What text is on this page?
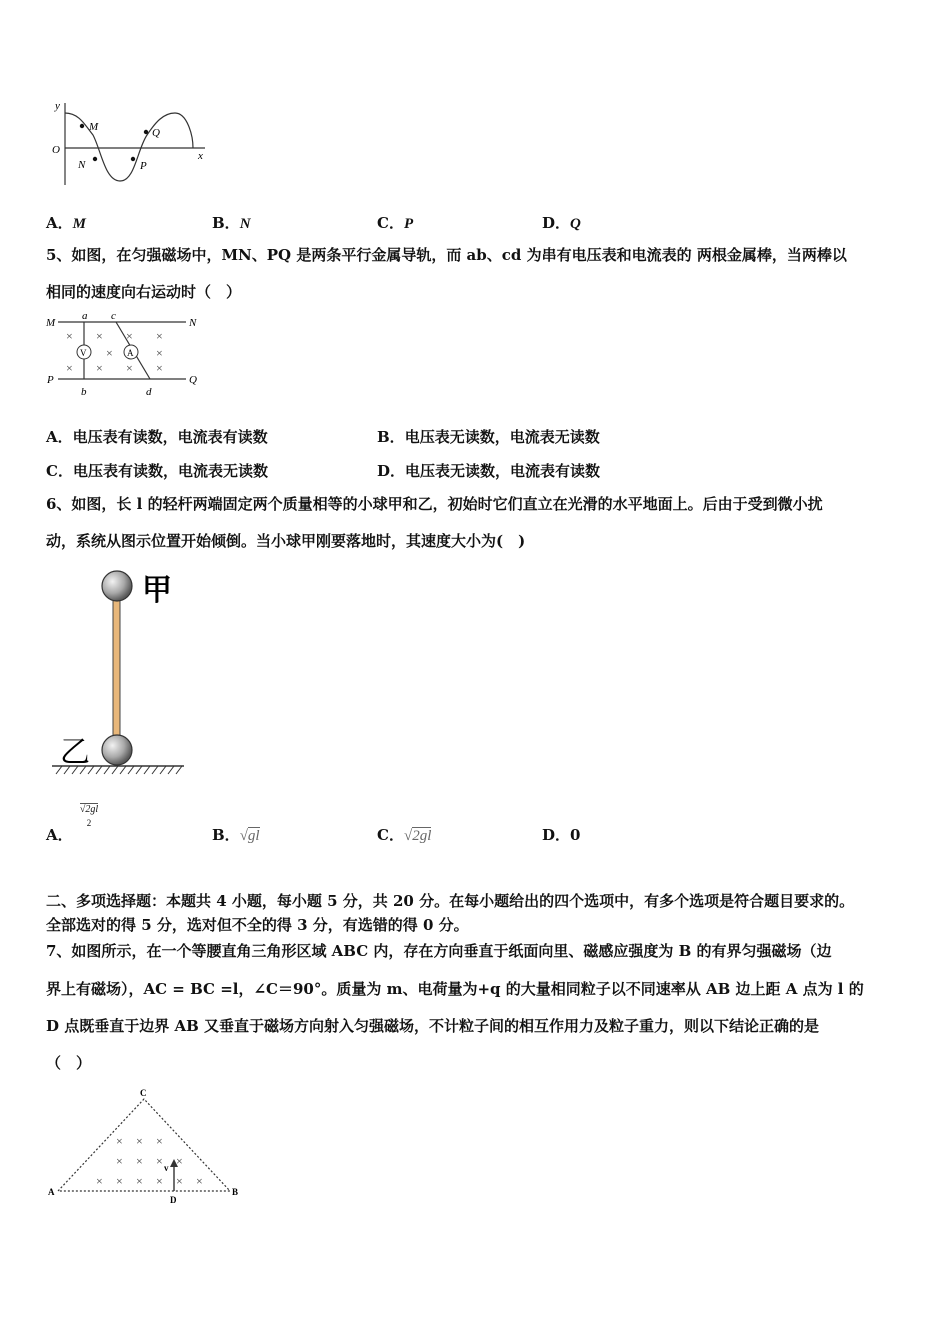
y
O	x
M
N	P
Q
A．M	B．N	C．P	D．Q
5、如图，在匀强磁场中，MN、PQ 是两条平行金属导轨，而 ab、cd 为串有电压表和电流表的 两根金属棒，当两棒以
相同的速度向右运动时（　）
V	A
× × × ×
×	×
× × × ×
M	N
P	Q
a c
b	d
A．电压表有读数，电流表有读数	B．电压表无读数，电流表无读数
C．电压表有读数，电流表无读数	D．电压表无读数，电流表有读数
6、如图，长 l 的轻杆两端固定两个质量相等的小球甲和乙，初始时它们直立在光滑的水平地面上。后由于受到微小扰
动，系统从图示位置开始倾倒。当小球甲刚要落地时，其速度大小为(　)
甲
乙
A．
√2gl
2
B．√gl	C．√2gl	D．0
二、多项选择题：本题共 4 小题，每小题 5 分，共 20 分。在每小题给出的四个选项中，有多个选项是符合题目要求的。
全部选对的得 5 分，选对但不全的得 3 分，有选错的得 0 分。
7、如图所示，在一个等腰直角三角形区域 ABC 内，存在方向垂直于纸面向里、磁感应强度为 B 的有界匀强磁场（边
界上有磁场），AC = BC =l，∠C＝90°。质量为 m、电荷量为+q 的大量相同粒子以不同速率从 AB 边上距 A 点为 l 的
D 点既垂直于边界 AB 又垂直于磁场方向射入匀强磁场，不计粒子间的相互作用力及粒子重力，则以下结论正确的是
（　）
× × ×
× × × ×
× × × × × ×
v
A	B
C
D
